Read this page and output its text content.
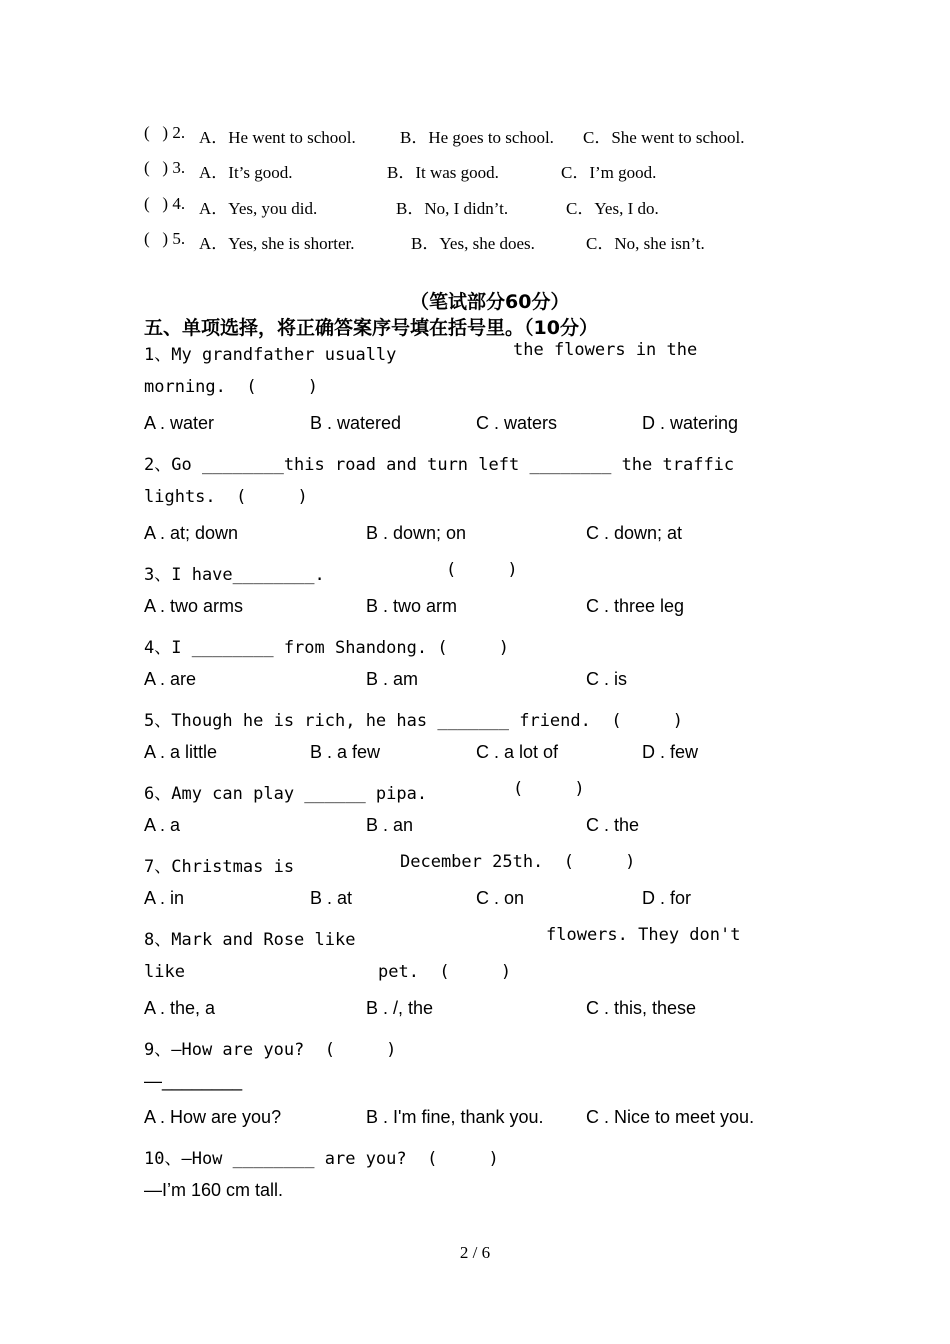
(   ) 2. A．He went to school.	B．He goes to school. C．She went to school.
(   ) 3. A．It’s good.	B．It was good.	C．I’m good.
(   ) 4. A．Yes, you did.	B．No, I didn’t.	C．Yes, I do.
(   ) 5. A．Yes, she is shorter.	B．Yes, she does.	C．No, she isn’t.
（笔试部分60分）
五、单项选择，将正确答案序号填在括号里。（10分）
1、My grandfather usually	the flowers in the
morning.  (     )
A . water	B . watered	C . waters	D . watering
2、Go ________this road and turn left ________ the traffic
lights.  (     )
A . at; down	B . down; on	C . down; at
3、I have________.	(     )
A . two arms	B . two arm	C . three leg
4、I ________ from Shandong. (     )
A . are	B . am	C . is
5、Though he is rich, he has _______ friend.  (     )
A . a little	B . a few	C . a lot of	D . few
6、Amy can play ______ pipa.	(     )
A . a	B . an	C . the
7、Christmas is	December 25th.  (     )
A . in	B . at	C . on	D . for
8、Mark and Rose like	flowers. They don't
like	pet.  (     )
A . the, a	B . /, the	C . this, these
9、—How are you?  (     )
—________
A . How are you?	B . I'm fine, thank you. C . Nice to meet you.
10、—How ________ are you?  (     )
—I’m 160 cm tall.
2 / 6
